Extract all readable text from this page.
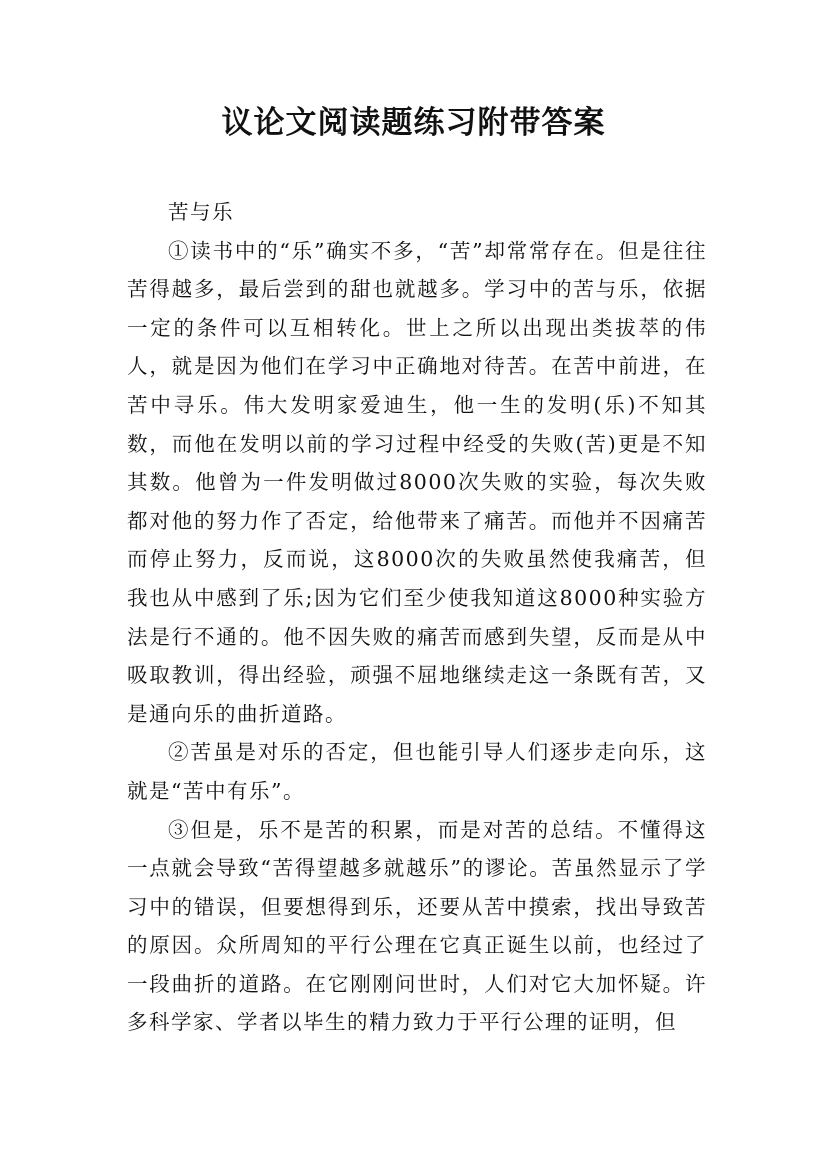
议论文阅读题练习附带答案

苦与乐

①读书中的“乐”确实不多，“苦”却常常存在。但是往往苦得越多，最后尝到的甜也就越多。学习中的苦与乐，依据一定的条件可以互相转化。世上之所以出现出类拔萃的伟人，就是因为他们在学习中正确地对待苦。在苦中前进，在苦中寻乐。伟大发明家爱迪生，他一生的发明(乐)不知其数，而他在发明以前的学习过程中经受的失败(苦)更是不知其数。他曾为一件发明做过8000次失败的实验，每次失败都对他的努力作了否定，给他带来了痛苦。而他并不因痛苦而停止努力，反而说，这8000次的失败虽然使我痛苦，但我也从中感到了乐;因为它们至少使我知道这8000种实验方法是行不通的。他不因失败的痛苦而感到失望，反而是从中吸取教训，得出经验，顽强不屈地继续走这一条既有苦，又是通向乐的曲折道路。

②苦虽是对乐的否定，但也能引导人们逐步走向乐，这就是“苦中有乐”。

③但是，乐不是苦的积累，而是对苦的总结。不懂得这一点就会导致“苦得望越多就越乐”的谬论。苦虽然显示了学习中的错误，但要想得到乐，还要从苦中摸索，找出导致苦的原因。众所周知的平行公理在它真正诞生以前，也经过了一段曲折的道路。在它刚刚问世时，人们对它大加怀疑。许多科学家、学者以毕生的精力致力于平行公理的证明，但
